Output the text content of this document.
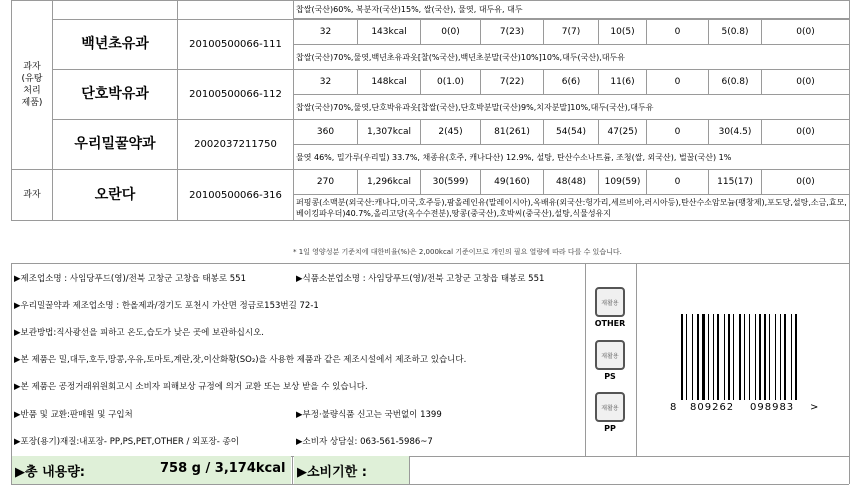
과자
(유탕
처리
제품)			찹쌀(국산)60%, 복분자(국산)15%, 쌀(국산), 물엿, 대두유, 대두	

	백년초유과	20100500066-111	32	143kcal	0(0)	7(23)	7(7)	10(5)	0	5(0.8)	0(0)	
			찹쌀(국산)70%,물엿,백년초유과옷[찰(%국산),백년초분말(국산)10%]10%,대두(국산),대두유	
	단호박유과	20100500066-112	32	148kcal	0(1.0)	7(22)	6(6)	11(6)	0	6(0.8)	0(0)	
			찹쌀(국산)70%,물엿,단호박유과옷[찹쌀(국산),단호박분말(국산)9%,치자분말]10%,대두(국산),대두유	
	우리밀꿀약과	2002037211750	360	1,307kcal	2(45)	81(261)	54(54)	47(25)	0	30(4.5)	0(0)	
			물엿 46%, 밀가루(우리밀) 33.7%, 채종유(호주, 캐나다산) 12.9%, 설탕, 탄산수소나트륨, 조청(쌀, 외국산), 벌꿀(국산) 1%	
과자	오란다	20100500066-316	270	1,296kcal	30(599)	49(160)	48(48)	109(59)	0	115(17)	0(0)	
			퍼핑콩(소맥분(외국산:캐나다,미국,호주등),팜올레인유(말레이시아),옥배유(외국산:헝가리,세르비아,러시아등),탄산수소암모늄(팽창제),포도당,설탕,소금,효모,베이킹파우더)40.7%,올리고당(옥수수전분),땅콩(중국산),호박씨(중국산),설탕,식물성유지	

* 1일 영양성분 기준치에 대한비율(%)은 2,000kcal 기준이므로 개인의 필요 열량에 따라 다를 수 있습니다.
▶제조업소명 : 사임당푸드(영)/전북 고창군 고창읍 태봉로 551	▶식품소분업소명 : 사임당푸드(영)/전북 고창군 고창읍 태봉로 551
▶우리밀꿀약과 제조업소명 : 한올제과/경기도 포천시 가산면 정금로153번길 72-1
▶보관방법:직사광선을 피하고 온도,습도가 낮은 곳에 보관하십시오.
▶본 제품은 밀,대두,호두,땅콩,우유,토마토,계란,잣,이산화황(SO₂)을 사용한 제품과 같은 제조시설에서 제조하고 있습니다.
▶본 제품은 공정거래위원회고시 소비자 피해보상 규정에 의거 교환 또는 보상 받을 수 있습니다.
▶반품 및 교환:판매원 및 구입처	▶부정·불량식품 신고는 국번없이 1399
▶포장(용기)재질:내포장- PP,PS,PET,OTHER / 외포장- 종이	▶소비자 상담실: 063-561-5986~7
재활용
OTHER
재활용
PS
재활용
PP
8 809262 098983 >
▶총 내용량:	758 g / 3,174kcal ▶소비기한 :
